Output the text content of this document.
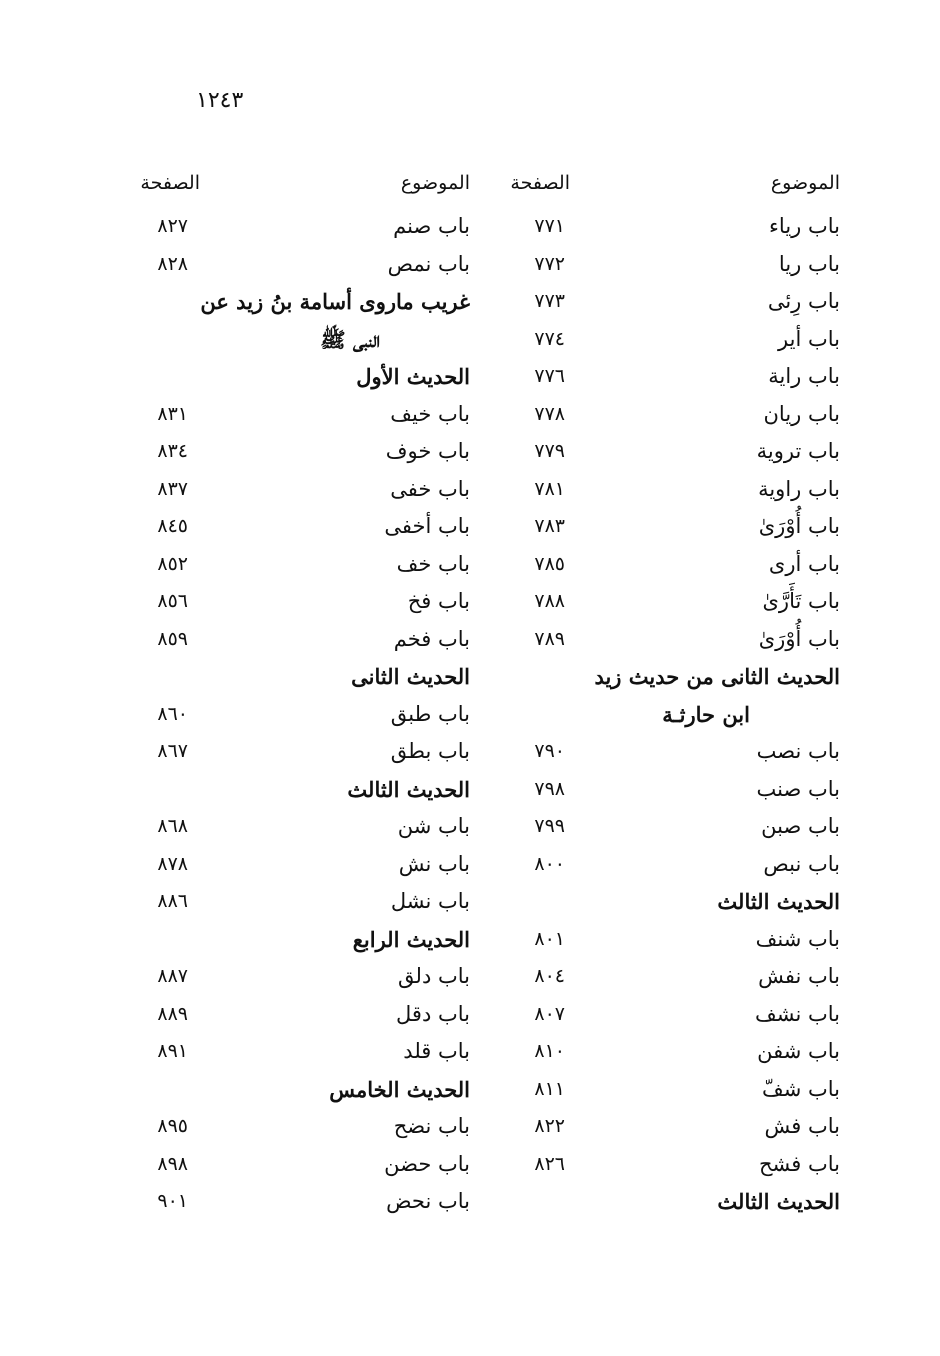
١٢٤٣
الموضوع
الصفحة
الموضوع
الصفحة
باب رياء
٧٧١
باب ريا
٧٧٢
باب رِئى
٧٧٣
باب أير
٧٧٤
باب راية
٧٧٦
باب ريان
٧٧٨
باب تروية
٧٧٩
باب راوية
٧٨١
باب أُوْرَىٰ
٧٨٣
باب أرى
٧٨٥
باب تَأَرَّىٰ
٧٨٨
باب أُوْرَىٰ
٧٨٩
الحديث الثانى من حديث زيد
ابن حارثـة
باب نصب
٧٩٠
باب صنب
٧٩٨
باب صبن
٧٩٩
باب نبص
٨٠٠
الحديث الثالث
باب شنف
٨٠١
باب نفش
٨٠٤
باب نشف
٨٠٧
باب شفن
٨١٠
باب شفّ
٨١١
باب فش
٨٢٢
باب فشح
٨٢٦
الحديث الثالث
باب صنم
٨٢٧
باب نمص
٨٢٨
غريب ماروى أسامة بنُ زيد عن
النبى ﷺ
الحديث الأول
باب خيف
٨٣١
باب خوف
٨٣٤
باب خفى
٨٣٧
باب أخفى
٨٤٥
باب خف
٨٥٢
باب فخ
٨٥٦
باب فخم
٨٥٩
الحديث الثانى
باب طبق
٨٦٠
باب بطق
٨٦٧
الحديث الثالث
باب شن
٨٦٨
باب نش
٨٧٨
باب نشل
٨٨٦
الحديث الرابع
باب دلق
٨٨٧
باب دقل
٨٨٩
باب قلد
٨٩١
الحديث الخامس
باب نضح
٨٩٥
باب حضن
٨٩٨
باب نحض
٩٠١
